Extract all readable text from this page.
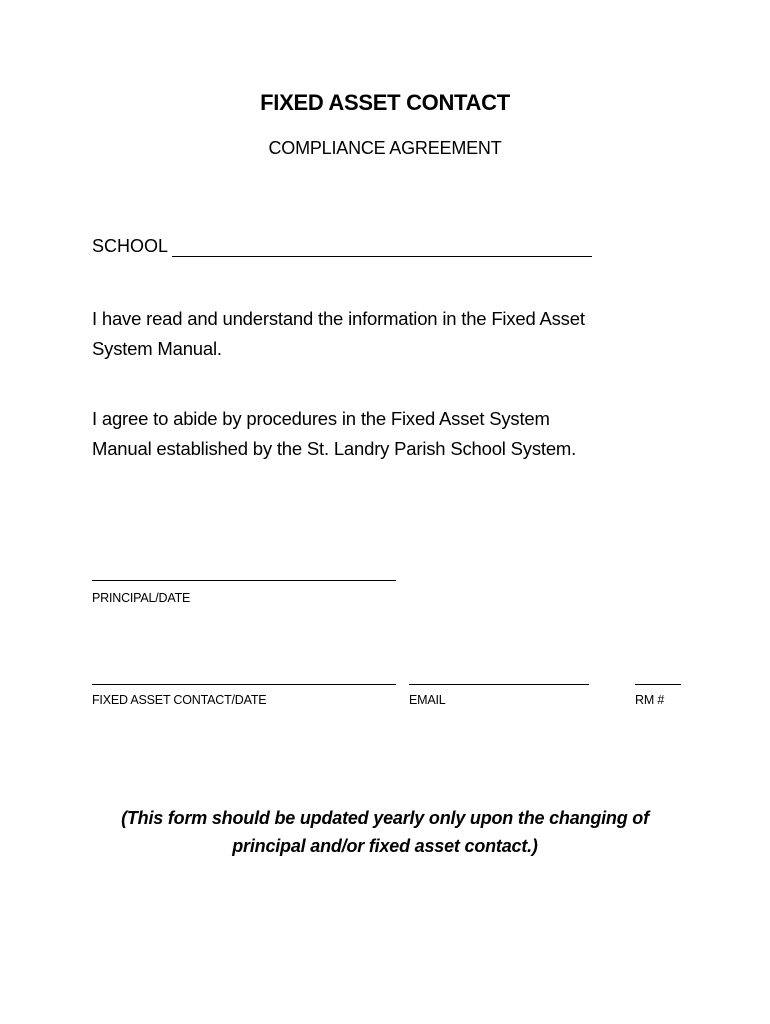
FIXED ASSET CONTACT
COMPLIANCE AGREEMENT
SCHOOL
I have read and understand the information in the Fixed Asset
System Manual.
I agree to abide by procedures in the Fixed Asset System
Manual established by the St. Landry Parish School System.
PRINCIPAL/DATE
FIXED ASSET CONTACT/DATE	EMAIL	RM #
(This form should be updated yearly only upon the changing of
principal and/or fixed asset contact.)
